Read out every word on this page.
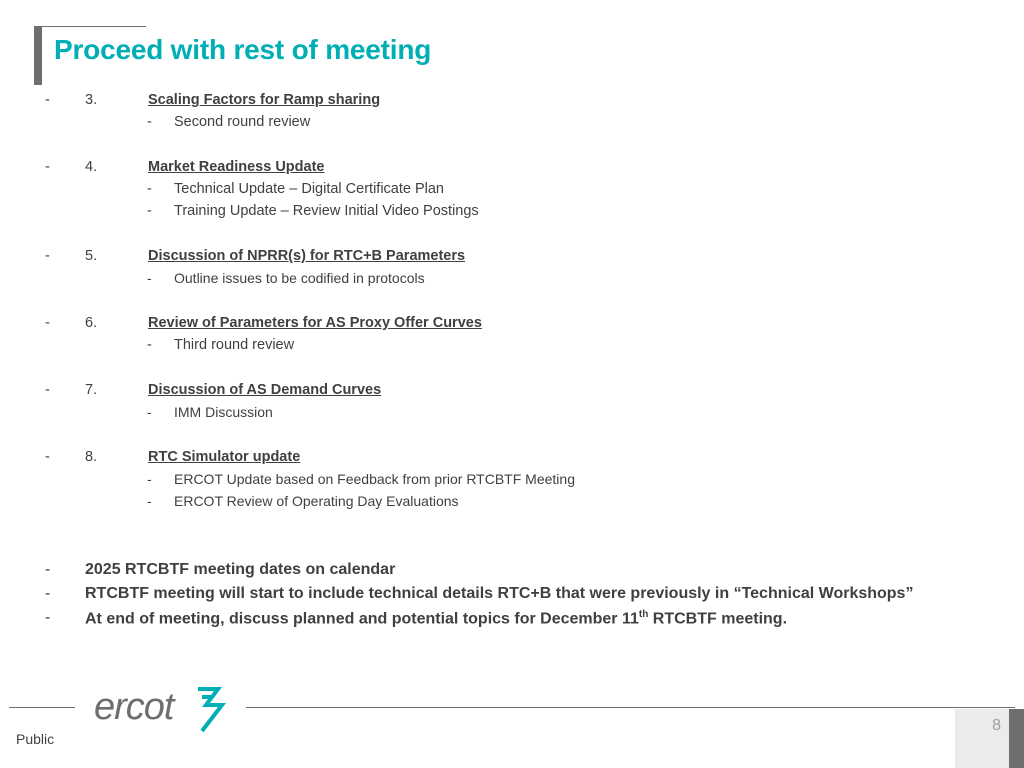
Proceed with rest of meeting
- 3.	Scaling Factors for Ramp sharing
- Second round review
- 4.	Market Readiness Update
- Technical Update – Digital Certificate Plan
- Training Update – Review Initial Video Postings
- 5.	Discussion of NPRR(s) for RTC+B Parameters
- Outline issues to be codified in protocols
- 6.	Review of Parameters for AS Proxy Offer Curves
- Third round review
- 7.	Discussion of AS Demand Curves
- IMM Discussion
- 8.	RTC Simulator update
- ERCOT Update based on Feedback from prior RTCBTF Meeting
- ERCOT Review of Operating Day Evaluations
- 2025 RTCBTF meeting dates on calendar
- RTCBTF meeting will start to include technical details RTC+B that were previously in “Technical Workshops”
- At end of meeting, discuss planned and potential topics for December 11th RTCBTF meeting.
ercot
Public
8
